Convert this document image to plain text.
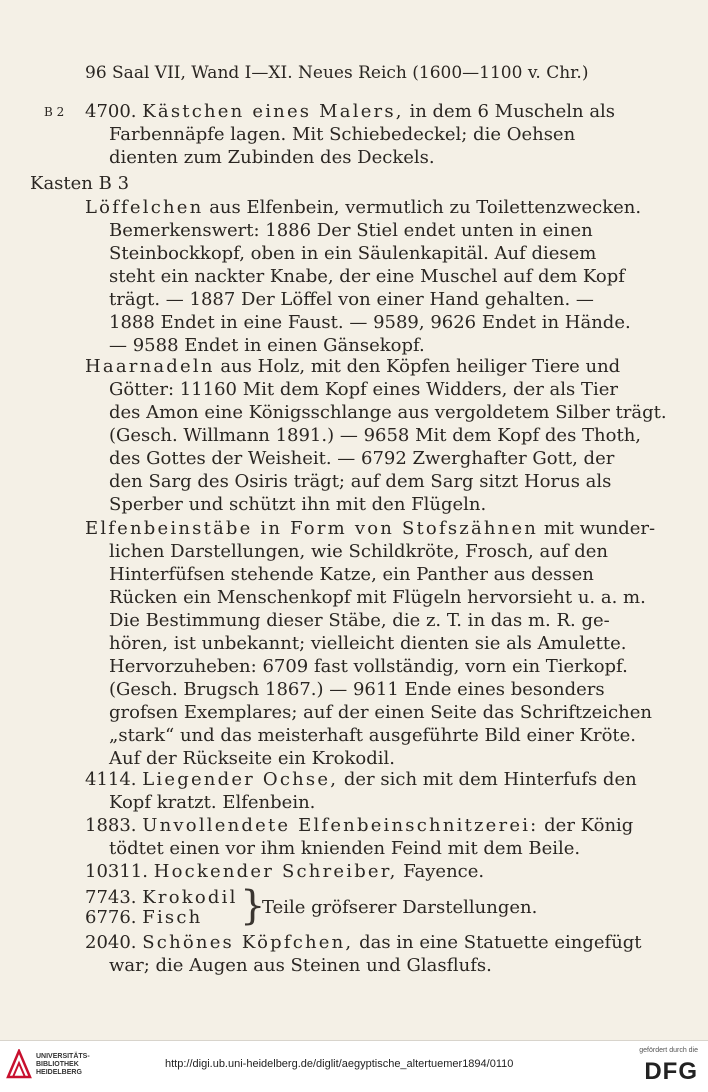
96 Saal VII, Wand I—XI. Neues Reich (1600—1100 v. Chr.)
B 2 4700. Kästchen eines Malers, in dem 6 Muscheln als
Farbennäpfe lagen. Mit Schiebedeckel; die Oehsen
dienten zum Zubinden des Deckels.
Kasten B 3
Löffelchen aus Elfenbein, vermutlich zu Toilettenzwecken.
Bemerkenswert: 1886 Der Stiel endet unten in einen
Steinbockkopf, oben in ein Säulenkapitäl. Auf diesem
steht ein nackter Knabe, der eine Muschel auf dem Kopf
trägt. — 1887 Der Löffel von einer Hand gehalten. —
1888 Endet in eine Faust. — 9589, 9626 Endet in Hände.
— 9588 Endet in einen Gänsekopf.
Haarnadeln aus Holz, mit den Köpfen heiliger Tiere und
Götter: 11160 Mit dem Kopf eines Widders, der als Tier
des Amon eine Königsschlange aus vergoldetem Silber trägt.
(Gesch. Willmann 1891.) — 9658 Mit dem Kopf des Thoth,
des Gottes der Weisheit. — 6792 Zwerghafter Gott, der
den Sarg des Osiris trägt; auf dem Sarg sitzt Horus als
Sperber und schützt ihn mit den Flügeln.
Elfenbeinstäbe in Form von Stofszähnen mit wunder-
lichen Darstellungen, wie Schildkröte, Frosch, auf den
Hinterfüfsen stehende Katze, ein Panther aus dessen
Rücken ein Menschenkopf mit Flügeln hervorsieht u. a. m.
Die Bestimmung dieser Stäbe, die z. T. in das m. R. ge-
hören, ist unbekannt; vielleicht dienten sie als Amulette.
Hervorzuheben: 6709 fast vollständig, vorn ein Tierkopf.
(Gesch. Brugsch 1867.) — 9611 Ende eines besonders
grofsen Exemplares; auf der einen Seite das Schriftzeichen
„stark“ und das meisterhaft ausgeführte Bild einer Kröte.
Auf der Rückseite ein Krokodil.
4114. Liegender Ochse, der sich mit dem Hinterfufs den
Kopf kratzt. Elfenbein.
1883. Unvollendete Elfenbeinschnitzerei: der König
tödtet einen vor ihm knienden Feind mit dem Beile.
10311. Hockender Schreiber, Fayence.
7743. Krokodil
6776. Fisch }
Teile gröfserer Darstellungen.
2040. Schönes Köpfchen, das in eine Statuette eingefügt
war; die Augen aus Steinen und Glasflufs.
UNIVERSITÄTS-
BIBLIOTHEK
HEIDELBERG
http://digi.ub.uni-heidelberg.de/diglit/aegyptische_altertuemer1894/0110
gefördert durch die
DFG
